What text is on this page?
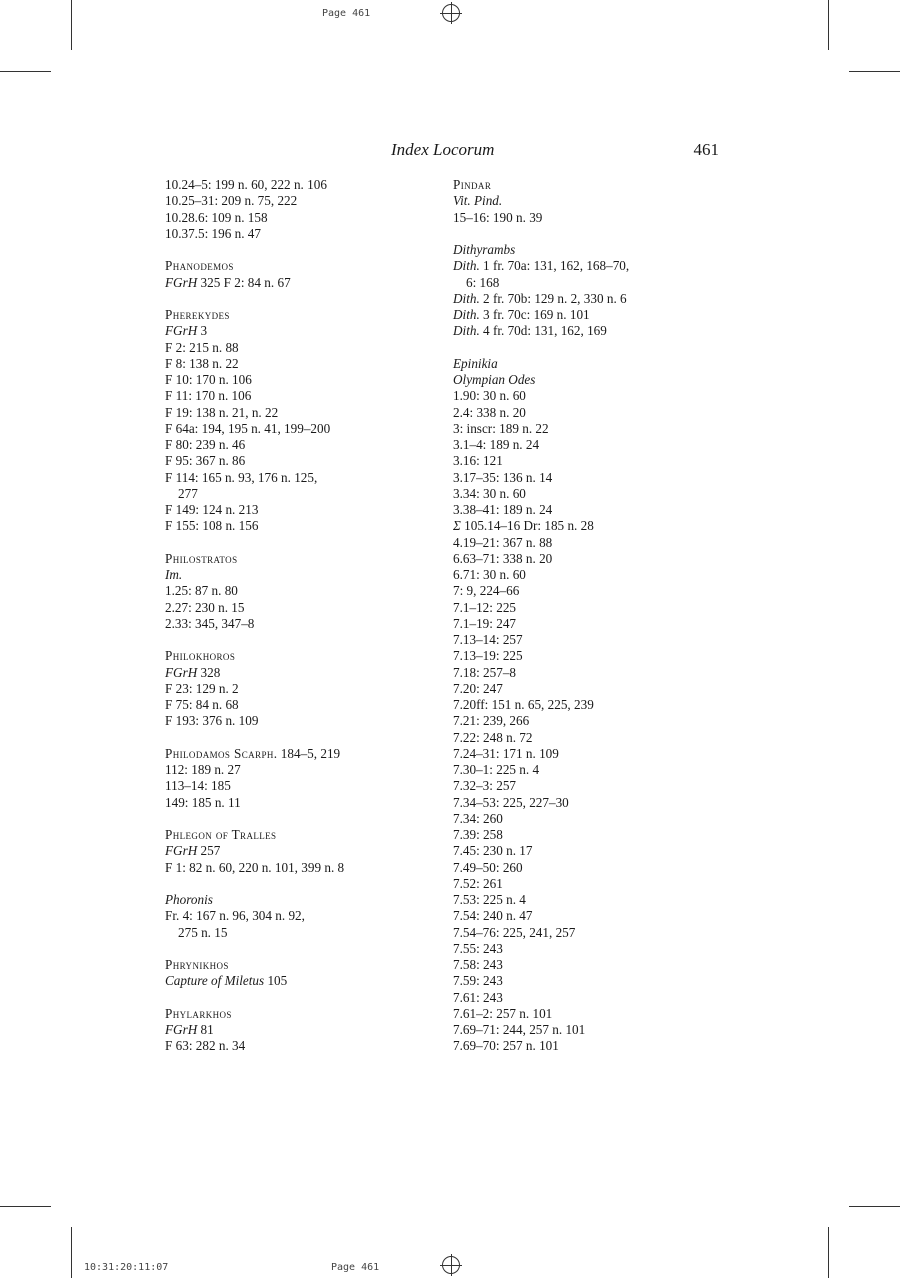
Page 461
10:31:20:11:07	Page 461
Index Locorum	461
10.24–5: 199 n. 60, 222 n. 106
10.25–31: 209 n. 75, 222
10.28.6: 109 n. 158
10.37.5: 196 n. 47
Phanodemos
FGrH 325 F 2: 84 n. 67
Pherekydes
FGrH 3
F 2: 215 n. 88
F 8: 138 n. 22
F 10: 170 n. 106
F 11: 170 n. 106
F 19: 138 n. 21, n. 22
F 64a: 194, 195 n. 41, 199–200
F 80: 239 n. 46
F 95: 367 n. 86
F 114: 165 n. 93, 176 n. 125,
277
F 149: 124 n. 213
F 155: 108 n. 156
Philostratos
Im.
1.25: 87 n. 80
2.27: 230 n. 15
2.33: 345, 347–8
Philokhoros
FGrH 328
F 23: 129 n. 2
F 75: 84 n. 68
F 193: 376 n. 109
Philodamos Scarph. 184–5, 219
112: 189 n. 27
113–14: 185
149: 185 n. 11
Phlegon of Tralles
FGrH 257
F 1: 82 n. 60, 220 n. 101, 399 n. 8
Phoronis
Fr. 4: 167 n. 96, 304 n. 92,
275 n. 15
Phrynikhos
Capture of Miletus 105
Phylarkhos
FGrH 81
F 63: 282 n. 34
Pindar
Vit. Pind.
15–16: 190 n. 39
Dithyrambs
Dith. 1 fr. 70a: 131, 162, 168–70,
6: 168
Dith. 2 fr. 70b: 129 n. 2, 330 n. 6
Dith. 3 fr. 70c: 169 n. 101
Dith. 4 fr. 70d: 131, 162, 169
Epinikia
Olympian Odes
1.90: 30 n. 60
2.4: 338 n. 20
3: inscr: 189 n. 22
3.1–4: 189 n. 24
3.16: 121
3.17–35: 136 n. 14
3.34: 30 n. 60
3.38–41: 189 n. 24
Σ 105.14–16 Dr: 185 n. 28
4.19–21: 367 n. 88
6.63–71: 338 n. 20
6.71: 30 n. 60
7: 9, 224–66
7.1–12: 225
7.1–19: 247
7.13–14: 257
7.13–19: 225
7.18: 257–8
7.20: 247
7.20ff: 151 n. 65, 225, 239
7.21: 239, 266
7.22: 248 n. 72
7.24–31: 171 n. 109
7.30–1: 225 n. 4
7.32–3: 257
7.34–53: 225, 227–30
7.34: 260
7.39: 258
7.45: 230 n. 17
7.49–50: 260
7.52: 261
7.53: 225 n. 4
7.54: 240 n. 47
7.54–76: 225, 241, 257
7.55: 243
7.58: 243
7.59: 243
7.61: 243
7.61–2: 257 n. 101
7.69–71: 244, 257 n. 101
7.69–70: 257 n. 101
